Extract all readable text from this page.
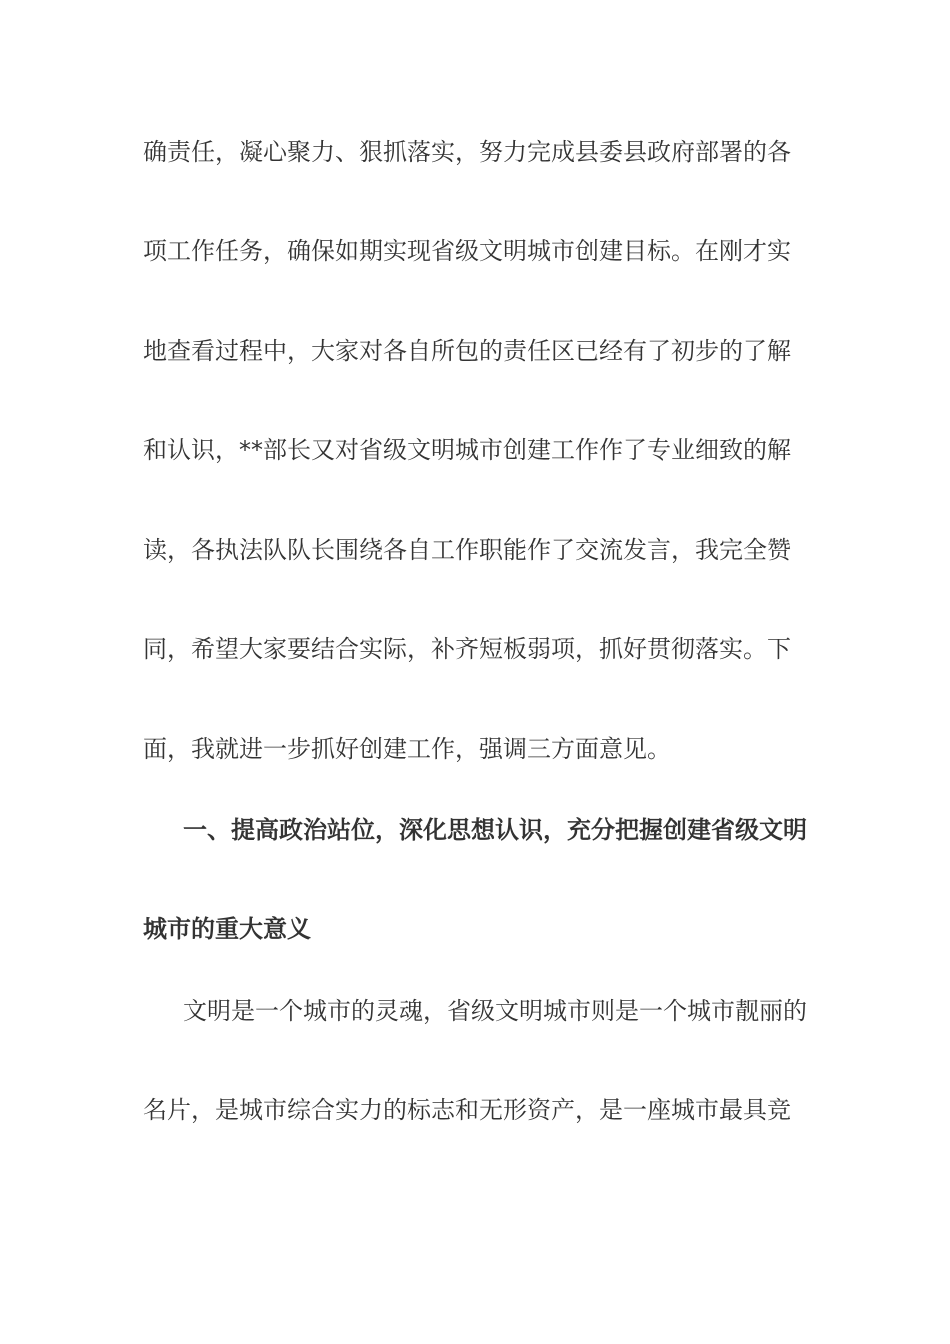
确责任，凝心聚力、狠抓落实，努力完成县委县政府部署的各
项工作任务，确保如期实现省级文明城市创建目标。在刚才实
地查看过程中，大家对各自所包的责任区已经有了初步的了解
和认识，**部长又对省级文明城市创建工作作了专业细致的解
读，各执法队队长围绕各自工作职能作了交流发言，我完全赞
同，希望大家要结合实际，补齐短板弱项，抓好贯彻落实。下
面，我就进一步抓好创建工作，强调三方面意见。
一、提高政治站位，深化思想认识，充分把握创建省级文明
城市的重大意义
文明是一个城市的灵魂，省级文明城市则是一个城市靓丽的
名片，是城市综合实力的标志和无形资产，是一座城市最具竞
